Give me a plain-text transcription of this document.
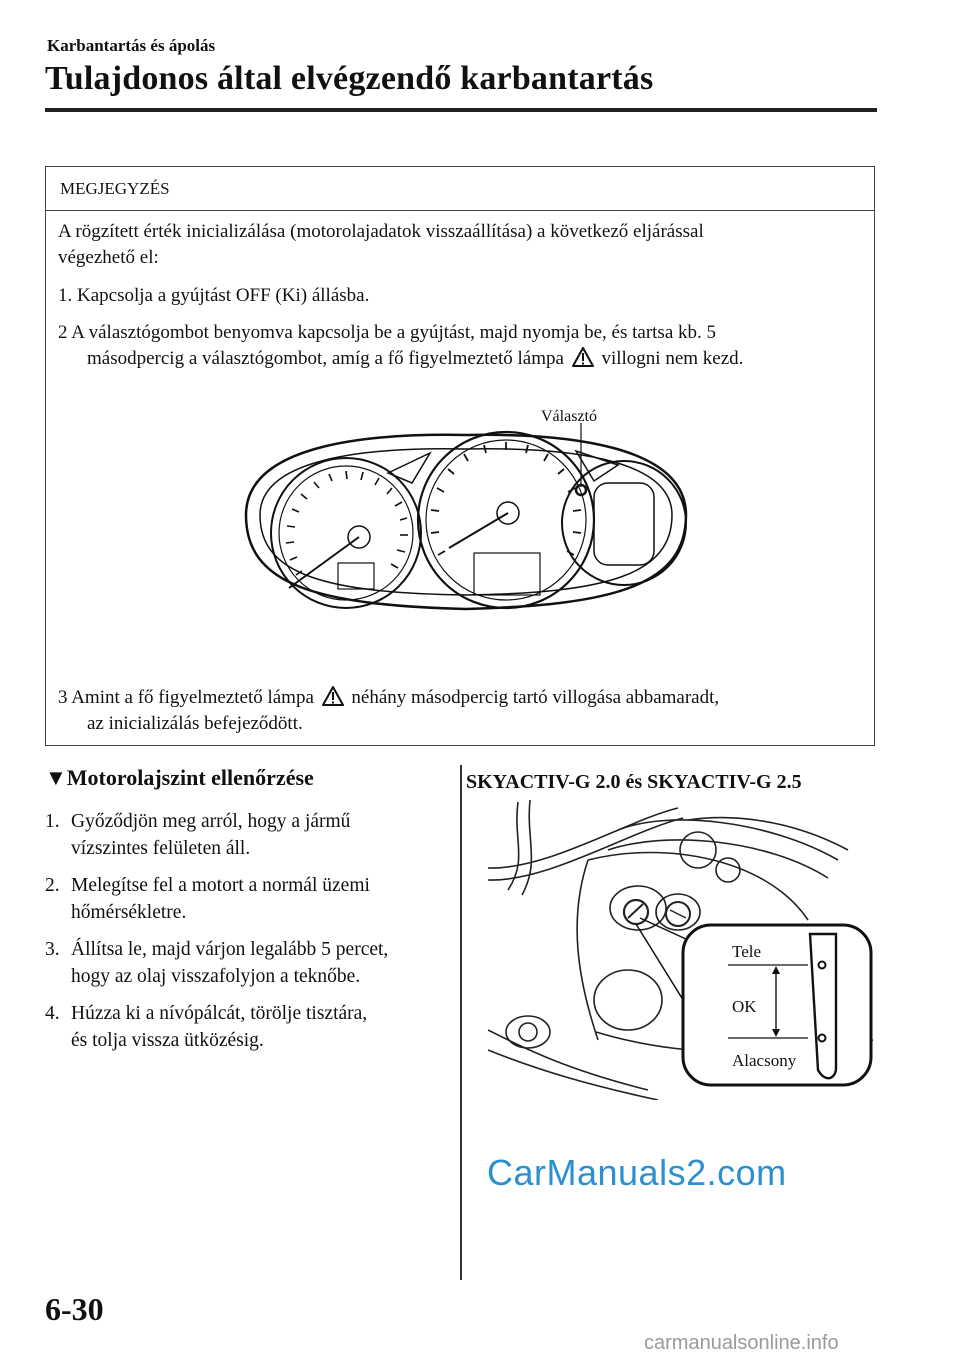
Karbantartás és ápolás
Tulajdonos által elvégzendő karbantartás
MEGJEGYZÉS
A rögzített érték inicializálása (motorolajadatok visszaállítása) a következő eljárással
végezhető el:
1. Kapcsolja a gyújtást OFF (Ki) állásba.
2 A választógombot benyomva kapcsolja be a gyújtást, majd nyomja be, és tartsa kb. 5
másodpercig a választógombot, amíg a fő figyelmeztető lámpa villogni nem kezd.
Választó
3 Amint a fő figyelmeztető lámpa néhány másodpercig tartó villogása abbamaradt,
az inicializálás befejeződött.
▼Motorolajszint ellenőrzése
1. Győződjön meg arról, hogy a jármű
vízszintes felületen áll.
2. Melegítse fel a motort a normál üzemi
hőmérsékletre.
3. Állítsa le, majd várjon legalább 5 percet,
hogy az olaj visszafolyjon a teknőbe.
4. Húzza ki a nívópálcát, törölje tisztára,
és tolja vissza ütközésig.
SKYACTIV-G 2.0 és SKYACTIV-G 2.5
Tele
OK
Alacsony
CarManuals2.com
6-30
carmanualsonline.info
